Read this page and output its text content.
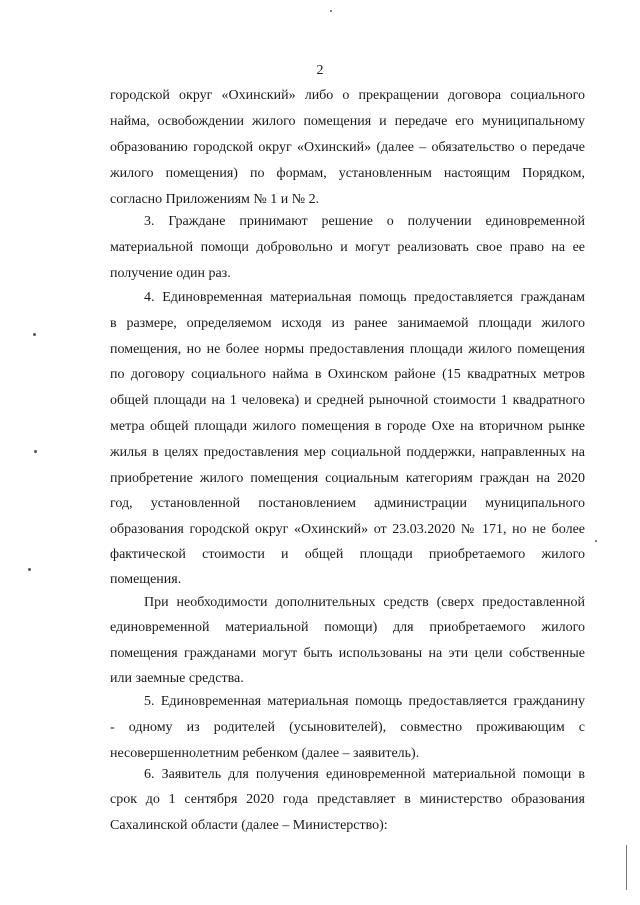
2
городской округ «Охинский» либо о прекращении договора социального
найма, освобождении жилого помещения и передаче его муниципальному
образованию городской округ «Охинский» (далее – обязательство о передаче
жилого помещения) по формам, установленным настоящим Порядком,
согласно Приложениям № 1 и № 2.
3. Граждане принимают решение о получении единовременной
материальной помощи добровольно и могут реализовать свое право на ее
получение один раз.
4. Единовременная материальная помощь предоставляется гражданам
в размере, определяемом исходя из ранее занимаемой площади жилого
помещения, но не более нормы предоставления площади жилого помещения
по договору социального найма в Охинском районе (15 квадратных метров
общей площади на 1 человека) и средней рыночной стоимости 1 квадратного
метра общей площади жилого помещения в городе Охе на вторичном рынке
жилья в целях предоставления мер социальной поддержки, направленных на
приобретение жилого помещения социальным категориям граждан на 2020
год, установленной постановлением администрации муниципального
образования городской округ «Охинский» от 23.03.2020 № 171, но не более
фактической стоимости и общей площади приобретаемого жилого
помещения.
При необходимости дополнительных средств (сверх предоставленной
единовременной материальной помощи) для приобретаемого жилого
помещения гражданами могут быть использованы на эти цели собственные
или заемные средства.
5. Единовременная материальная помощь предоставляется гражданину
- одному из родителей (усыновителей), совместно проживающим с
несовершеннолетним ребенком (далее – заявитель).
6. Заявитель для получения единовременной материальной помощи в
срок до 1 сентября 2020 года представляет в министерство образования
Сахалинской области (далее – Министерство):
